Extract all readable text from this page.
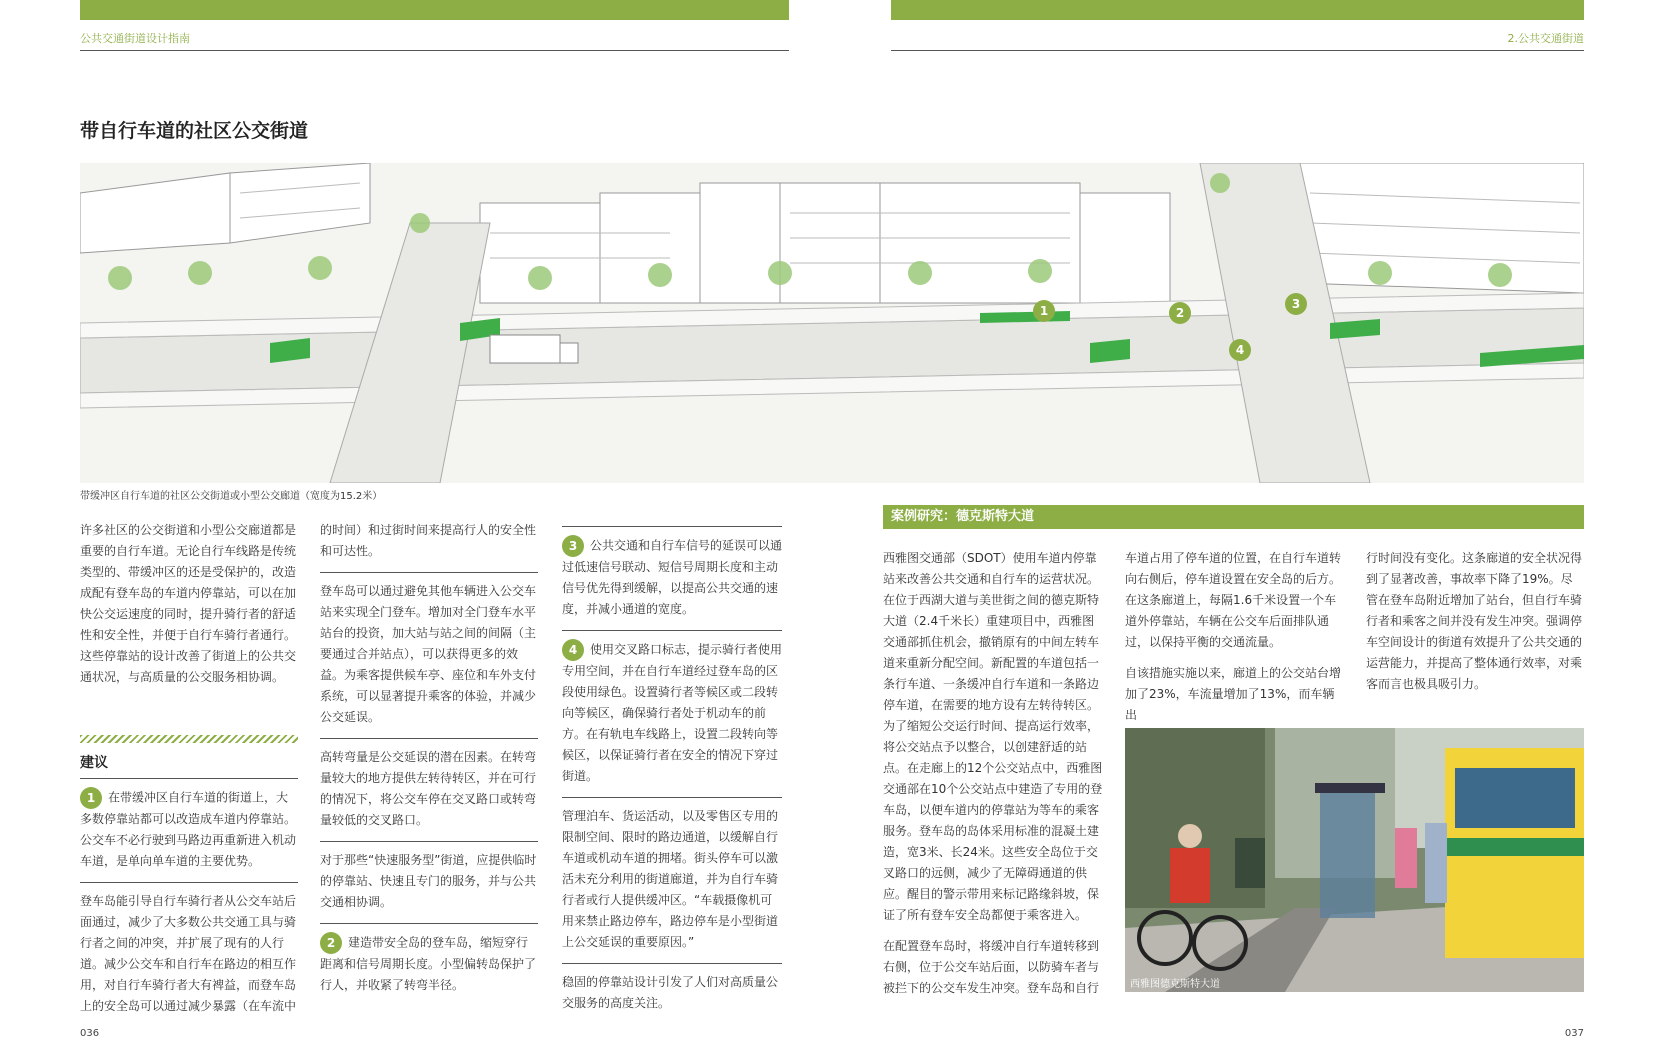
公共交通街道设计指南	2.公共交通街道
带自行车道的社区公交街道
1	2
3
4
带缓冲区自行车道的社区公交街道或小型公交廊道（宽度为15.2米）

许多社区的公交街道和小型公交廊道都是重要的自行车道。无论自行车线路是传统类型的、带缓冲区的还是受保护的，改造成配有登车岛的车道内停靠站，可以在加快公交运速度的同时，提升骑行者的舒适性和安全性，并便于自行车骑行者通行。这些停靠站的设计改善了街道上的公共交通状况，与高质量的公交服务相协调。

建议

1 在带缓冲区自行车道的街道上，大多数停靠站都可以改造成车道内停靠站。公交车不必行驶到马路边再重新进入机动车道，是单向单车道的主要优势。

登车岛能引导自行车骑行者从公交车站后面通过，减少了大多数公共交通工具与骑行者之间的冲突，并扩展了现有的人行道。减少公交车和自行车在路边的相互作用，对自行车骑行者大有裨益，而登车岛上的安全岛可以通过减少暴露（在车流中

的时间）和过街时间来提高行人的安全性和可达性。

登车岛可以通过避免其他车辆进入公交车站来实现全门登车。增加对全门登车水平站台的投资，加大站与站之间的间隔（主要通过合并站点），可以获得更多的效益。为乘客提供候车亭、座位和车外支付系统，可以显著提升乘客的体验，并减少公交延误。

高转弯量是公交延误的潜在因素。在转弯量较大的地方提供左转待转区，并在可行的情况下，将公交车停在交叉路口或转弯量较低的交叉路口。

对于那些“快速服务型”街道，应提供临时的停靠站、快速且专门的服务，并与公共交通相协调。

2 建造带安全岛的登车岛，缩短穿行距离和信号周期长度。小型偏转岛保护了行人，并收紧了转弯半径。

3 公共交通和自行车信号的延误可以通过低速信号联动、短信号周期长度和主动信号优先得到缓解，以提高公共交通的速度，并减小通道的宽度。

4 使用交叉路口标志，提示骑行者使用专用空间，并在自行车道经过登车岛的区段使用绿色。设置骑行者等候区或二段转向等候区，确保骑行者处于机动车的前方。在有轨电车线路上，设置二段转向等候区，以保证骑行者在安全的情况下穿过街道。

管理泊车、货运活动，以及零售区专用的限制空间、限时的路边通道，以缓解自行车道或机动车道的拥堵。街头停车可以激活未充分利用的街道廊道，并为自行车骑行者或行人提供缓冲区。“车载摄像机可用来禁止路边停车，路边停车是小型街道上公交延误的重要原因。”

稳固的停靠站设计引发了人们对高质量公交服务的高度关注。

案例研究：德克斯特大道

西雅图交通部（SDOT）使用车道内停靠站来改善公共交通和自行车的运营状况。在位于西湖大道与美世街之间的德克斯特大道（2.4千米长）重建项目中，西雅图交通部抓住机会，撤销原有的中间左转车道来重新分配空间。新配置的车道包括一条行车道、一条缓冲自行车道和一条路边停车道，在需要的地方设有左转待转区。为了缩短公交运行时间、提高运行效率，将公交站点予以整合，以创建舒适的站点。在走廊上的12个公交站点中，西雅图交通部在10个公交站点中建造了专用的登车岛，以便车道内的停靠站为等车的乘客服务。登车岛的岛体采用标准的混凝土建造，宽3米、长24米。这些安全岛位于交叉路口的远侧，减少了无障碍通道的供应。醒目的警示带用来标记路缘斜坡，保证了所有登车安全岛都便于乘客进入。

在配置登车岛时，将缓冲自行车道转移到右侧，位于公交车站后面，以防骑车者与被拦下的公交车发生冲突。登车岛和自行

车道占用了停车道的位置，在自行车道转向右侧后，停车道设置在安全岛的后方。在这条廊道上，每隔1.6千米设置一个车道外停靠站，车辆在公交车后面排队通过，以保持平衡的交通流量。

自该措施实施以来，廊道上的公交站台增加了23%，车流量增加了13%，而车辆出

行时间没有变化。这条廊道的安全状况得到了显著改善，事故率下降了19%。尽管在登车岛附近增加了站台，但自行车骑行者和乘客之间并没有发生冲突。强调停车空间设计的街道有效提升了公共交通的运营能力，并提高了整体通行效率，对乘客而言也极具吸引力。

西雅图德克斯特大道
036	037
